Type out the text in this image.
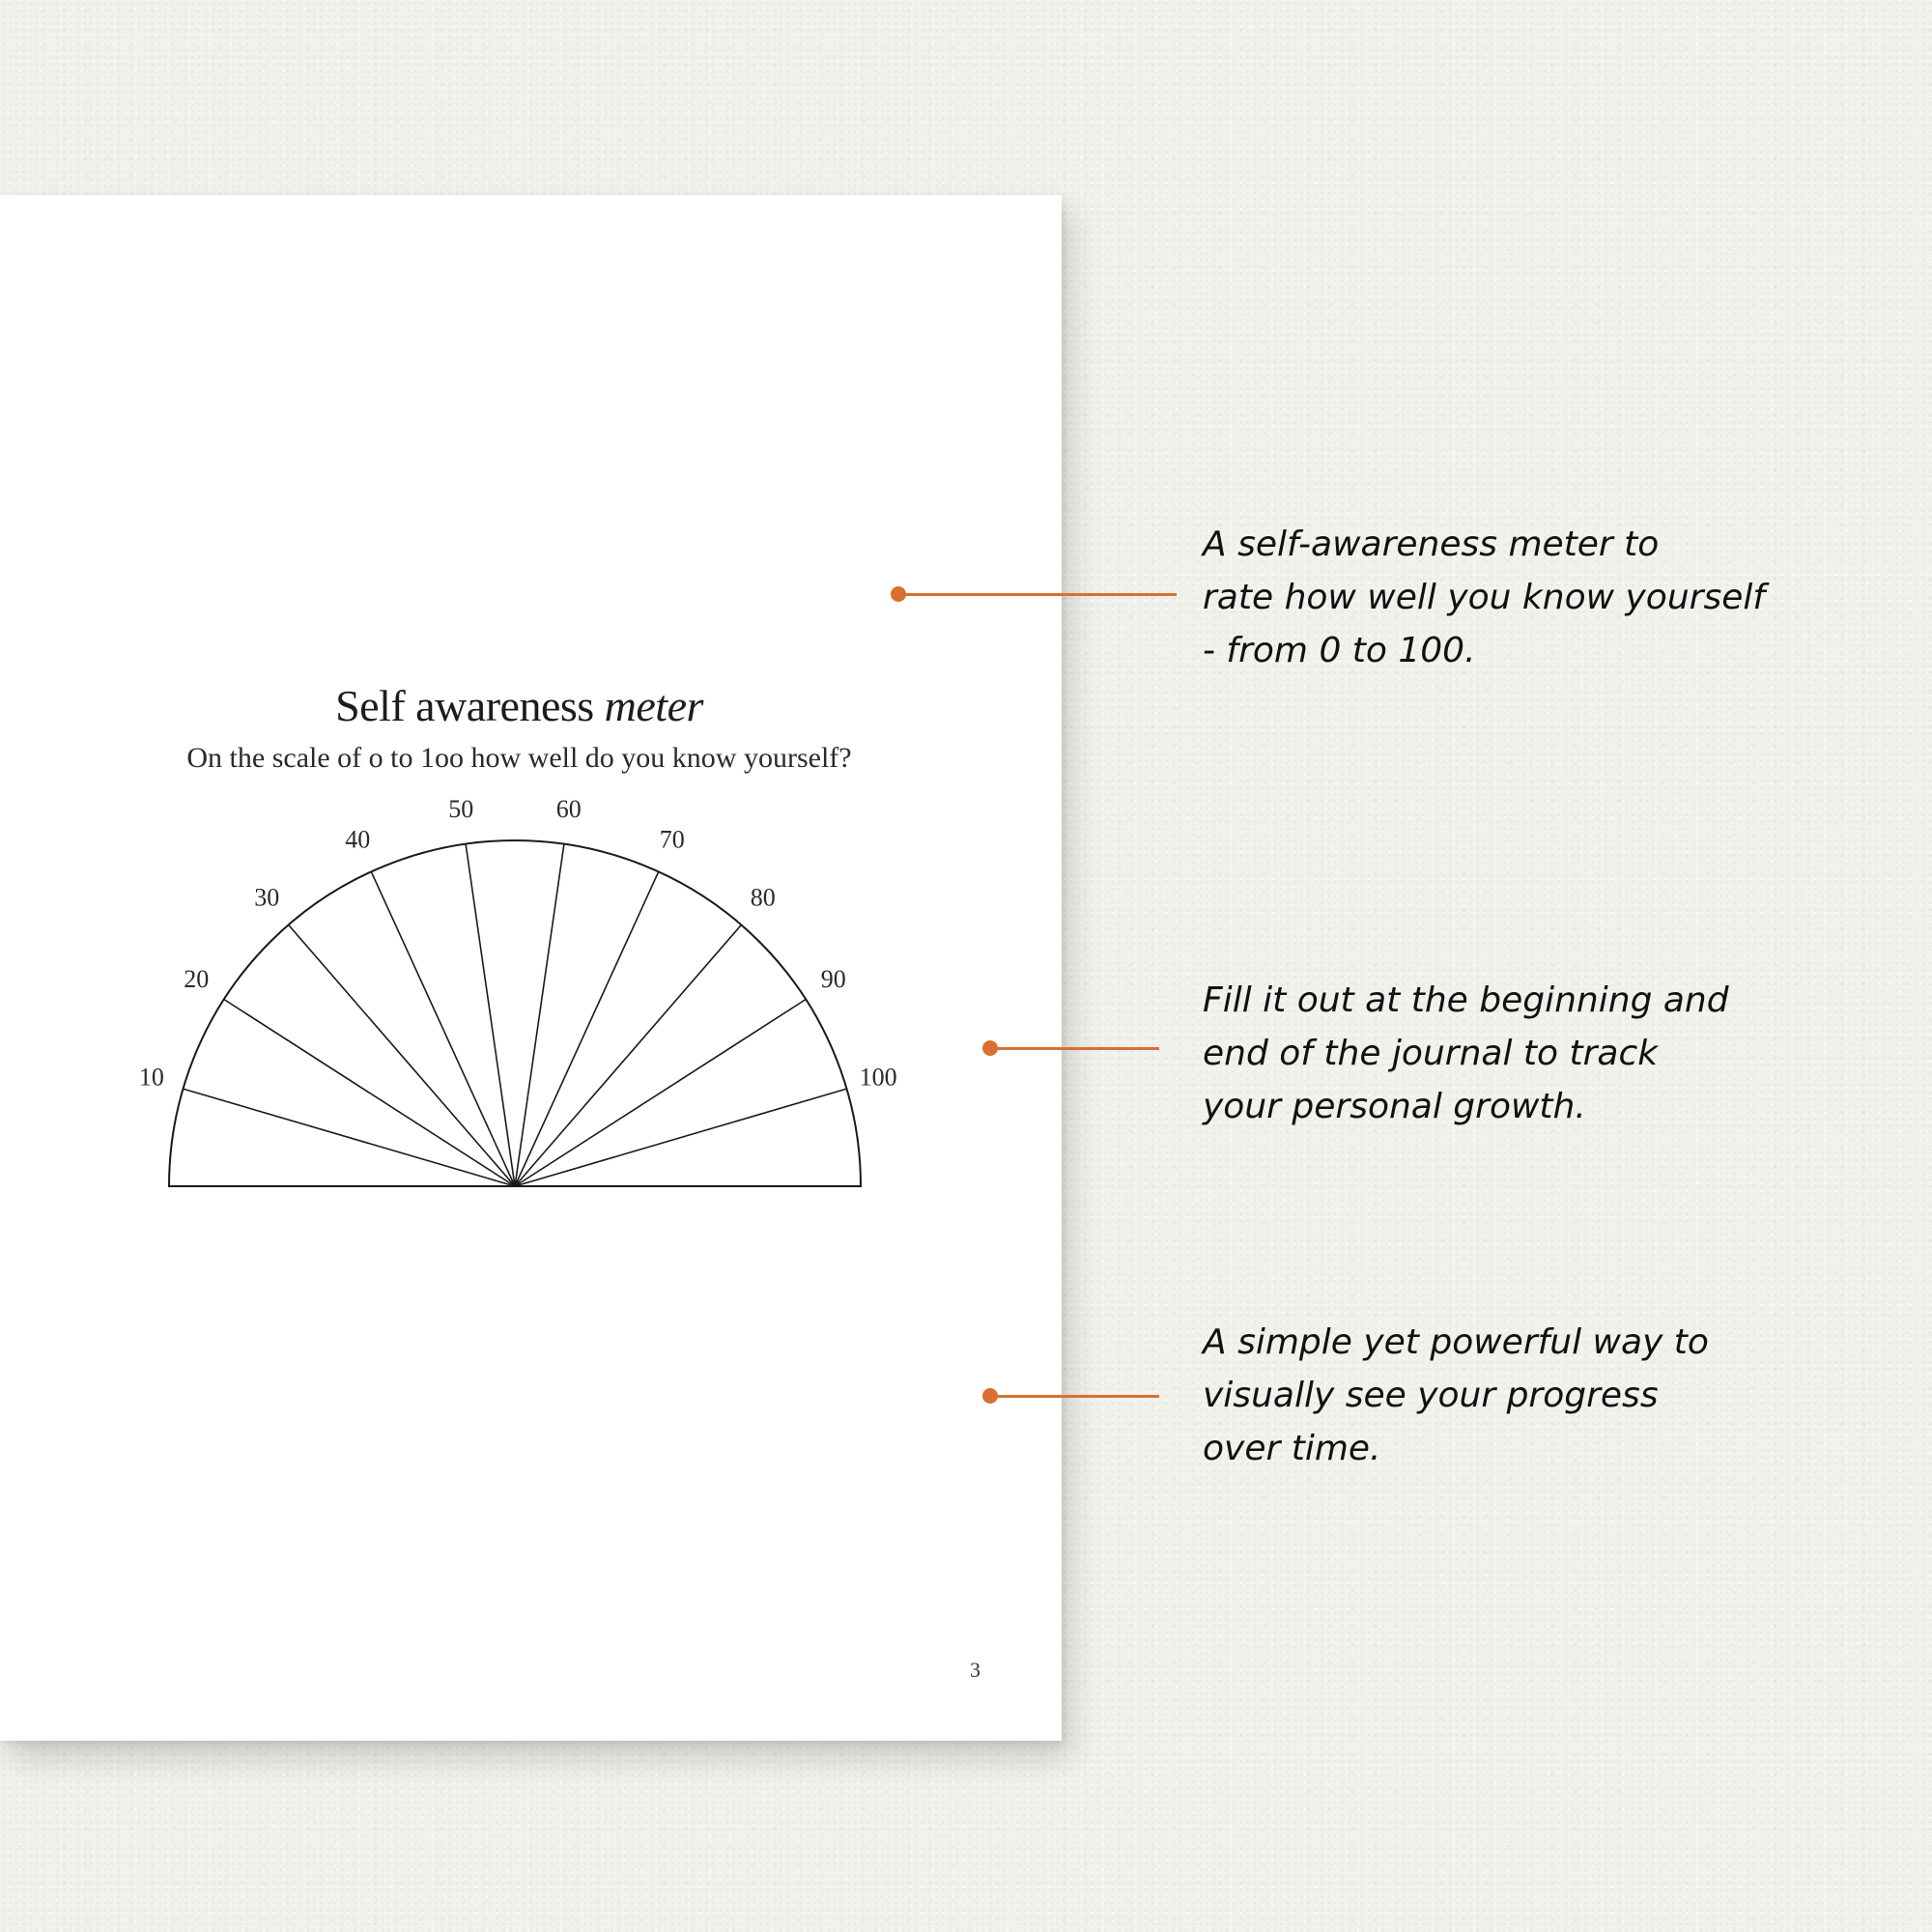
Self awareness meter

On the scale of o to 1oo how well do you know yourself?

10
20
30
40
50	60
70
80
90
100
3

A self-awareness meter to
rate how well you know yourself
- from 0 to 100.

Fill it out at the beginning and
end of the journal to track
your personal growth.

A simple yet powerful way to
visually see your progress
over time.
